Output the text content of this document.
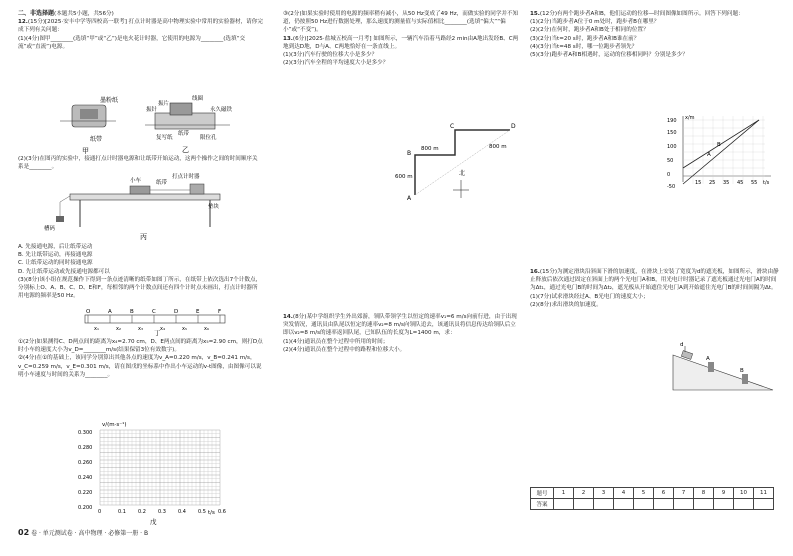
二、非选择题(本题共5小题，共56分)

12.(15分)[2025·安丰中学等四校高一联考] 打点计时器是高中物理实验中常用的实验器材，请你完成下列有关问题：

(1)(4分)图甲________(选填“甲”或“乙”)是电火花计时器，它使用的电源为________(选填“交流”或“直流”)电源。

纸带
墨粉纸
甲
线圈
振片
振针	永久磁铁
限位孔
复写纸
纸带
乙

(2)(3分)在图丙的实验中，接通打点计时器电源和让纸带开始运动，这两个操作之间的时间顺序关系是________。

小车	纸带
打点计时器
垫块
槽码
丙

A. 先接通电源，后让纸带运动

B. 先让纸带运动，再接通电源

C. 让纸带运动的同时接通电源

D. 先让纸带运动或先接通电源都可以

(3)(8分)该小组在规范操作下得到一条点迹清晰的纸带如图丁所示，在纸带上依次选出7个计数点，分别标上O、A、B、C、D、E和F，每相邻的两个计数点间还有四个计时点未画出，打点计时器所用电源的频率是50 Hz。

O	A	B	C	D	E	F
x₁	x₂	x₃	x₄	x₅	x₆
丁

①(2分)如果测得C、D两点间的距离为x₄=2.70 cm，D、E两点间的距离为x₅=2.90 cm，则打D点时小车的速度大小为v_D=________m/s(结果保留3位有效数字)。

②(4分)在①的基础上，该同学分别算出其他各点的速度为v_A=0.220 m/s，v_B=0.241 m/s，v_C=0.259 m/s，v_E=0.301 m/s，请在图戊的坐标系中作出小车运动的v-t图像，由图像可以说明小车速度与时间的关系为________。

v/(m·s⁻¹)
0.300
0.280
0.260
0.240
0.220
0.200
0	0.1 0.2 0.3 0.4 0.5 0.6
t/s
戊

③(2分)如果实验时使用的电源的频率稍有减小，从50 Hz变成了49 Hz，而做实验的同学并不知道，仍按照50 Hz进行数据处理，那么速度的测量值与实际值相比________(选填“偏大”“偏小”或“不变”)。

13.(6分)[2025·盐城五校高一月考] 如图所示，一辆汽车沿着马路经2 min由A地出发经B、C两地到达D地，D与A、C两地恰好在一条直线上。

(1)(3分)汽车行驶的位移大小是多少？

(2)(3分)汽车全程的平均速度大小是多少？

A
B
C	D
600 m
800 m	800 m
北

14.(8分)某中学组织学生外出郊游，领队带领学生以恒定的速率v₁=6 m/s向前行进，由于出现突发情况，通讯员由队尾以恒定的速率v₂=8 m/s向领队追去，该通讯员将信息传达给领队后立即以v₂=8 m/s的速率返回队尾，已知队伍的长度为L=1400 m，求：

(1)(4分)通讯员在整个过程中所用的时间；

(2)(4分)通讯员在整个过程中的路程和位移大小。

15.(12分)有两个跑步者A和B，他们运动的位移—时间图像如图所示。回答下列问题：

(1)(2分)当跑步者A位于0 m处时，跑步者B在哪里？

(2)(2分)在何时，跑步者A和B处于相同的位置？

(3)(2分)当t=20 s时，跑步者A和B谁在前？

(4)(3分)当t=48 s时，哪一位跑步者领先？

(5)(3分)跑步者A和B相遇时，运动的位移相同吗？分别是多少？

x/m
t/s
A
B
190
150
100
50
0
-50
15 25 35 45 55

16.(15分)为测定滑块沿斜面下滑的加速度，在滑块上安装了宽度为d的遮光板，如图所示，滑块由静止释放后依次通过固定在斜面上的两个光电门A和B，用光电计时器记录了遮光板通过光电门A的时间为Δt₁，通过光电门B的时间为Δt₂，遮光板从开始遮住光电门A到开始遮住光电门B的时间间隔为Δt。

(1)(7分)试求滑块经过A、B光电门的速度大小；

(2)(8分)求出滑块的加速度。

d
A
B
题号	1	2	3	4	5	6	7	8	9	10	11
答案											
02 卷 · 单元测试卷 · 高中物理 · 必修第一册 · B
